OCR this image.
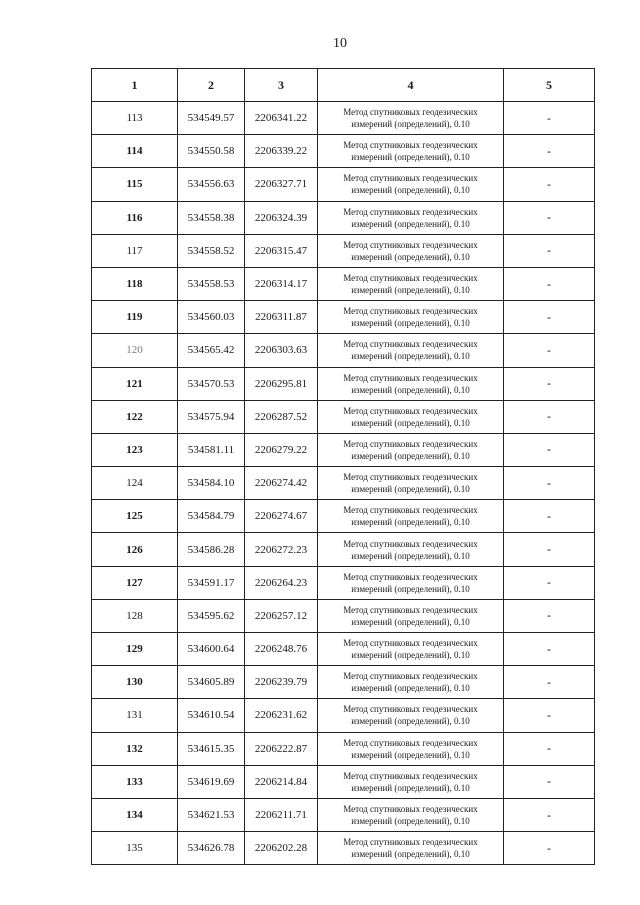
10
1	2	3	4	5
113	534549.57	2206341.22	Метод спутниковых геодезических
измерений (определений), 0.10	-
114	534550.58	2206339.22	Метод спутниковых геодезических
измерений (определений), 0.10	-
115	534556.63	2206327.71	Метод спутниковых геодезических
измерений (определений), 0.10	-
116	534558.38	2206324.39	Метод спутниковых геодезических
измерений (определений), 0.10	-
117	534558.52	2206315.47	Метод спутниковых геодезических
измерений (определений), 0.10	-
118	534558.53	2206314.17	Метод спутниковых геодезических
измерений (определений), 0.10	-
119	534560.03	2206311.87	Метод спутниковых геодезических
измерений (определений), 0.10	-
120	534565.42	2206303.63	Метод спутниковых геодезических
измерений (определений), 0.10	-
121	534570.53	2206295.81	Метод спутниковых геодезических
измерений (определений), 0.10	-
122	534575.94	2206287.52	Метод спутниковых геодезических
измерений (определений), 0.10	-
123	534581.11	2206279.22	Метод спутниковых геодезических
измерений (определений), 0.10	-
124	534584.10	2206274.42	Метод спутниковых геодезических
измерений (определений), 0.10	-
125	534584.79	2206274.67	Метод спутниковых геодезических
измерений (определений), 0.10	-
126	534586.28	2206272.23	Метод спутниковых геодезических
измерений (определений), 0.10	-
127	534591.17	2206264.23	Метод спутниковых геодезических
измерений (определений), 0.10	-
128	534595.62	2206257.12	Метод спутниковых геодезических
измерений (определений), 0.10	-
129	534600.64	2206248.76	Метод спутниковых геодезических
измерений (определений), 0.10	-
130	534605.89	2206239.79	Метод спутниковых геодезических
измерений (определений), 0.10	-
131	534610.54	2206231.62	Метод спутниковых геодезических
измерений (определений), 0.10	-
132	534615.35	2206222.87	Метод спутниковых геодезических
измерений (определений), 0.10	-
133	534619.69	2206214.84	Метод спутниковых геодезических
измерений (определений), 0.10	-
134	534621.53	2206211.71	Метод спутниковых геодезических
измерений (определений), 0.10	-
135	534626.78	2206202.28	Метод спутниковых геодезических
измерений (определений), 0.10	-
